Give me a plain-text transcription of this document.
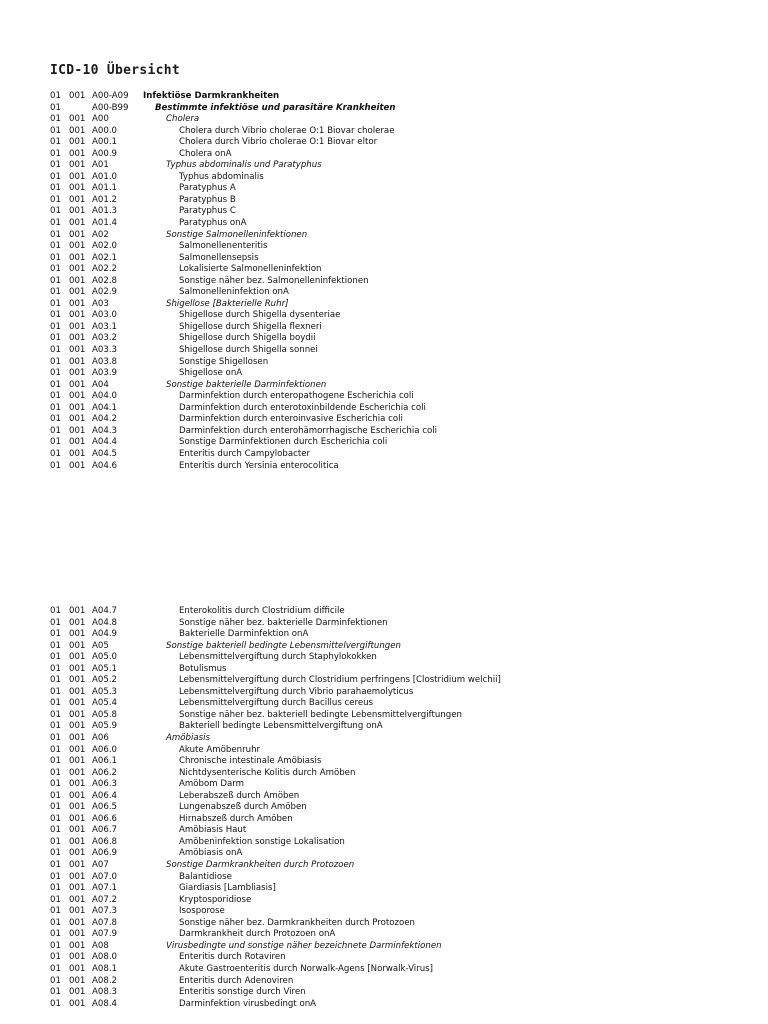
ICD-10 Übersicht
01 001 A00-A09 Infektiöse Darmkrankheiten
01	A00-B99	Bestimmte infektiöse und parasitäre Krankheiten
01 001 A00	Cholera
01 001 A00.0	Cholera durch Vibrio cholerae O:1 Biovar cholerae
01 001 A00.1	Cholera durch Vibrio cholerae O:1 Biovar eltor
01 001 A00.9	Cholera onA
01 001 A01	Typhus abdominalis und Paratyphus
01 001 A01.0	Typhus abdominalis
01 001 A01.1	Paratyphus A
01 001 A01.2	Paratyphus B
01 001 A01.3	Paratyphus C
01 001 A01.4	Paratyphus onA
01 001 A02	Sonstige Salmonelleninfektionen
01 001 A02.0	Salmonellenenteritis
01 001 A02.1	Salmonellensepsis
01 001 A02.2	Lokalisierte Salmonelleninfektion
01 001 A02.8	Sonstige näher bez. Salmonelleninfektionen
01 001 A02.9	Salmonelleninfektion onA
01 001 A03	Shigellose [Bakterielle Ruhr]
01 001 A03.0	Shigellose durch Shigella dysenteriae
01 001 A03.1	Shigellose durch Shigella flexneri
01 001 A03.2	Shigellose durch Shigella boydii
01 001 A03.3	Shigellose durch Shigella sonnei
01 001 A03.8	Sonstige Shigellosen
01 001 A03.9	Shigellose onA
01 001 A04	Sonstige bakterielle Darminfektionen
01 001 A04.0	Darminfektion durch enteropathogene Escherichia coli
01 001 A04.1	Darminfektion durch enterotoxinbildende Escherichia coli
01 001 A04.2	Darminfektion durch enteroinvasive Escherichia coli
01 001 A04.3	Darminfektion durch enterohämorrhagische Escherichia coli
01 001 A04.4	Sonstige Darminfektionen durch Escherichia coli
01 001 A04.5	Enteritis durch Campylobacter
01 001 A04.6	Enteritis durch Yersinia enterocolitica
01 001 A04.7	Enterokolitis durch Clostridium difficile
01 001 A04.8	Sonstige näher bez. bakterielle Darminfektionen
01 001 A04.9	Bakterielle Darminfektion onA
01 001 A05	Sonstige bakteriell bedingte Lebensmittelvergiftungen
01 001 A05.0	Lebensmittelvergiftung durch Staphylokokken
01 001 A05.1	Botulismus
01 001 A05.2	Lebensmittelvergiftung durch Clostridium perfringens [Clostridium welchii]
01 001 A05.3	Lebensmittelvergiftung durch Vibrio parahaemolyticus
01 001 A05.4	Lebensmittelvergiftung durch Bacillus cereus
01 001 A05.8	Sonstige näher bez. bakteriell bedingte Lebensmittelvergiftungen
01 001 A05.9	Bakteriell bedingte Lebensmittelvergiftung onA
01 001 A06	Amöbiasis
01 001 A06.0	Akute Amöbenruhr
01 001 A06.1	Chronische intestinale Amöbiasis
01 001 A06.2	Nichtdysenterische Kolitis durch Amöben
01 001 A06.3	Amöbom Darm
01 001 A06.4	Leberabszeß durch Amöben
01 001 A06.5	Lungenabszeß durch Amöben
01 001 A06.6	Hirnabszeß durch Amöben
01 001 A06.7	Amöbiasis Haut
01 001 A06.8	Amöbeninfektion sonstige Lokalisation
01 001 A06.9	Amöbiasis onA
01 001 A07	Sonstige Darmkrankheiten durch Protozoen
01 001 A07.0	Balantidiose
01 001 A07.1	Giardiasis [Lambliasis]
01 001 A07.2	Kryptosporidiose
01 001 A07.3	Isosporose
01 001 A07.8	Sonstige näher bez. Darmkrankheiten durch Protozoen
01 001 A07.9	Darmkrankheit durch Protozoen onA
01 001 A08	Virusbedingte und sonstige näher bezeichnete Darminfektionen
01 001 A08.0	Enteritis durch Rotaviren
01 001 A08.1	Akute Gastroenteritis durch Norwalk-Agens [Norwalk-Virus]
01 001 A08.2	Enteritis durch Adenoviren
01 001 A08.3	Enteritis sonstige durch Viren
01 001 A08.4	Darminfektion virusbedingt onA
